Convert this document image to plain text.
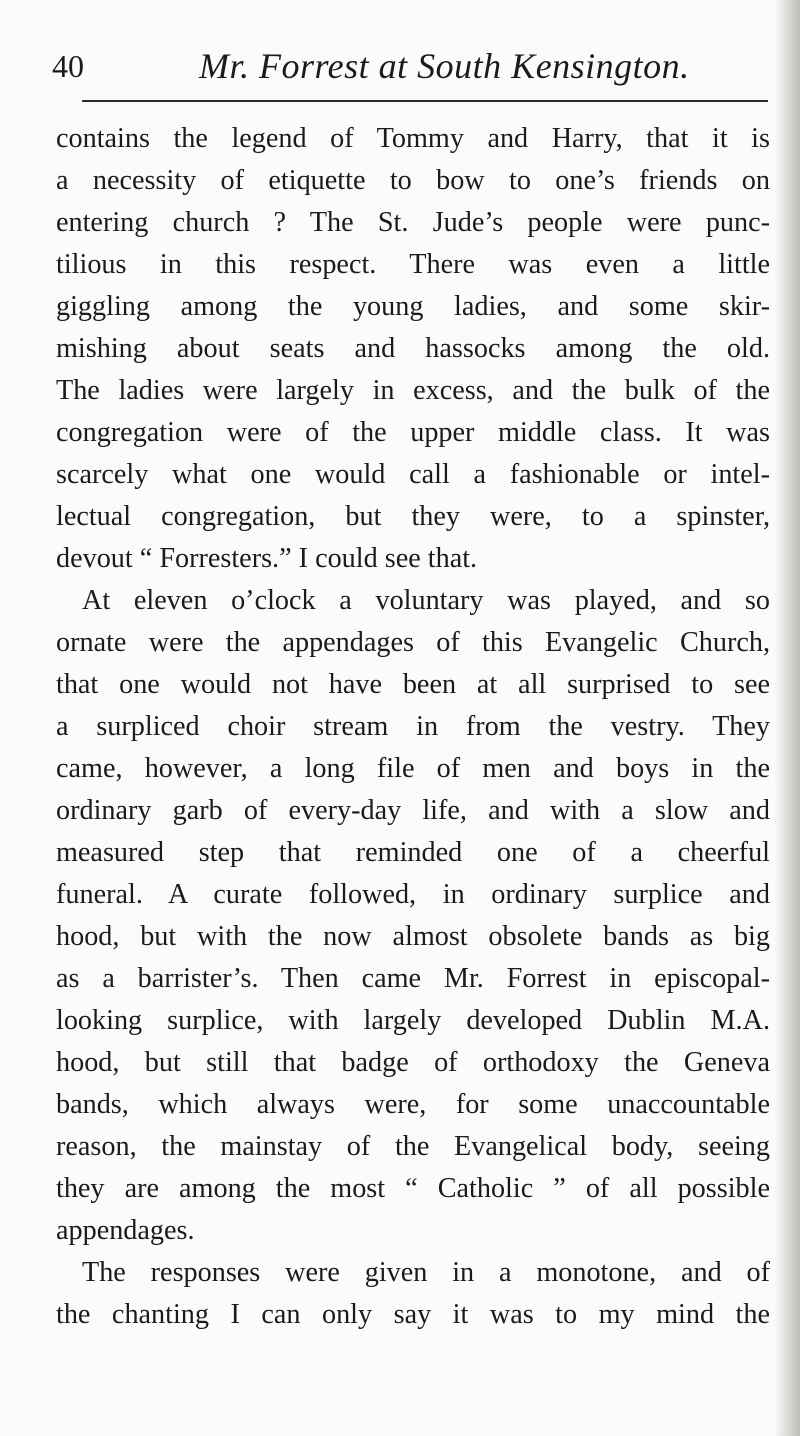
40	Mr. Forrest at South Kensington.
contains the legend of Tommy and Harry, that it is
a necessity of etiquette to bow to one’s friends on
entering church ? The St. Jude’s people were punc-
tilious in this respect. There was even a little
giggling among the young ladies, and some skir-
mishing about seats and hassocks among the old.
The ladies were largely in excess, and the bulk of the
congregation were of the upper middle class. It was
scarcely what one would call a fashionable or intel-
lectual congregation, but they were, to a spinster,
devout “ Forresters.” I could see that.
At eleven o’clock a voluntary was played, and so
ornate were the appendages of this Evangelic Church,
that one would not have been at all surprised to see
a surpliced choir stream in from the vestry. They
came, however, a long file of men and boys in the
ordinary garb of every-day life, and with a slow and
measured step that reminded one of a cheerful
funeral. A curate followed, in ordinary surplice and
hood, but with the now almost obsolete bands as big
as a barrister’s. Then came Mr. Forrest in episcopal-
looking surplice, with largely developed Dublin M.A.
hood, but still that badge of orthodoxy the Geneva
bands, which always were, for some unaccountable
reason, the mainstay of the Evangelical body, seeing
they are among the most “ Catholic ” of all possible
appendages.
The responses were given in a monotone, and of
the chanting I can only say it was to my mind the
